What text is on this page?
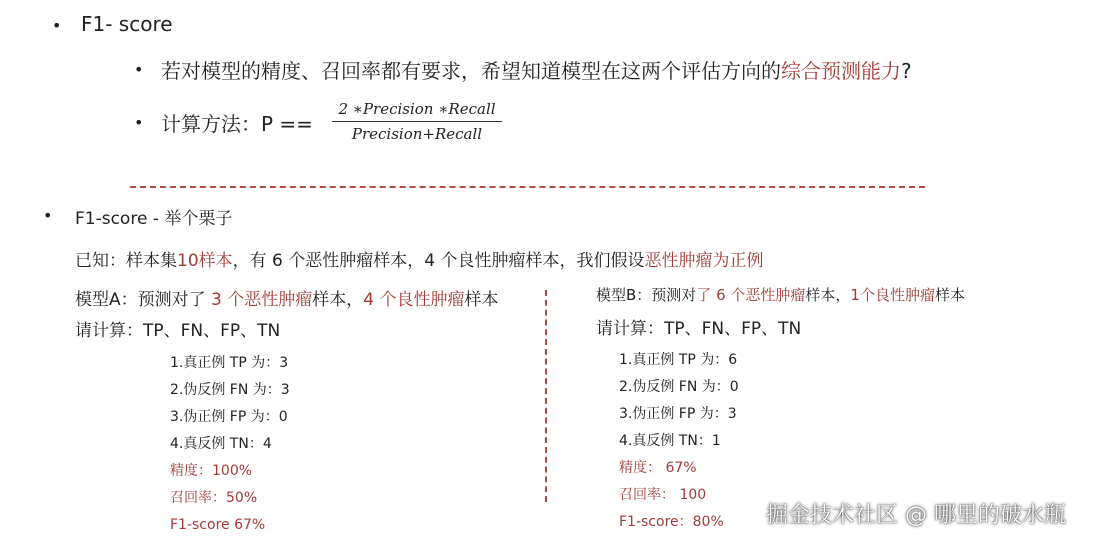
• F1- score
• 若对模型的精度、召回率都有要求，希望知道模型在这两个评估方向的综合预测能力?
• 计算方法：P ==
2 ∗Precision ∗Recall
Precision+Recall
• F1-score - 举个栗子
已知：样本集10样本，有 6 个恶性肿瘤样本，4 个良性肿瘤样本，我们假设恶性肿瘤为正例
模型A：预测对了 3 个恶性肿瘤样本，4 个良性肿瘤样本
请计算：TP、FN、FP、TN
1.真正例 TP 为：3
2.伪反例 FN 为：3
3.伪正例 FP 为：0
4.真反例 TN：4
精度：100%
召回率：50%
F1-score 67%
模型B：预测对了 6 个恶性肿瘤样本，1个良性肿瘤样本
请计算：TP、FN、FP、TN
1.真正例 TP 为：6
2.伪反例 FN 为：0
3.伪正例 FP 为：3
4.真反例 TN：1
精度： 67%
召回率： 100
F1-score：80%	掘金技术社区 @ 哪里的破水瓶
